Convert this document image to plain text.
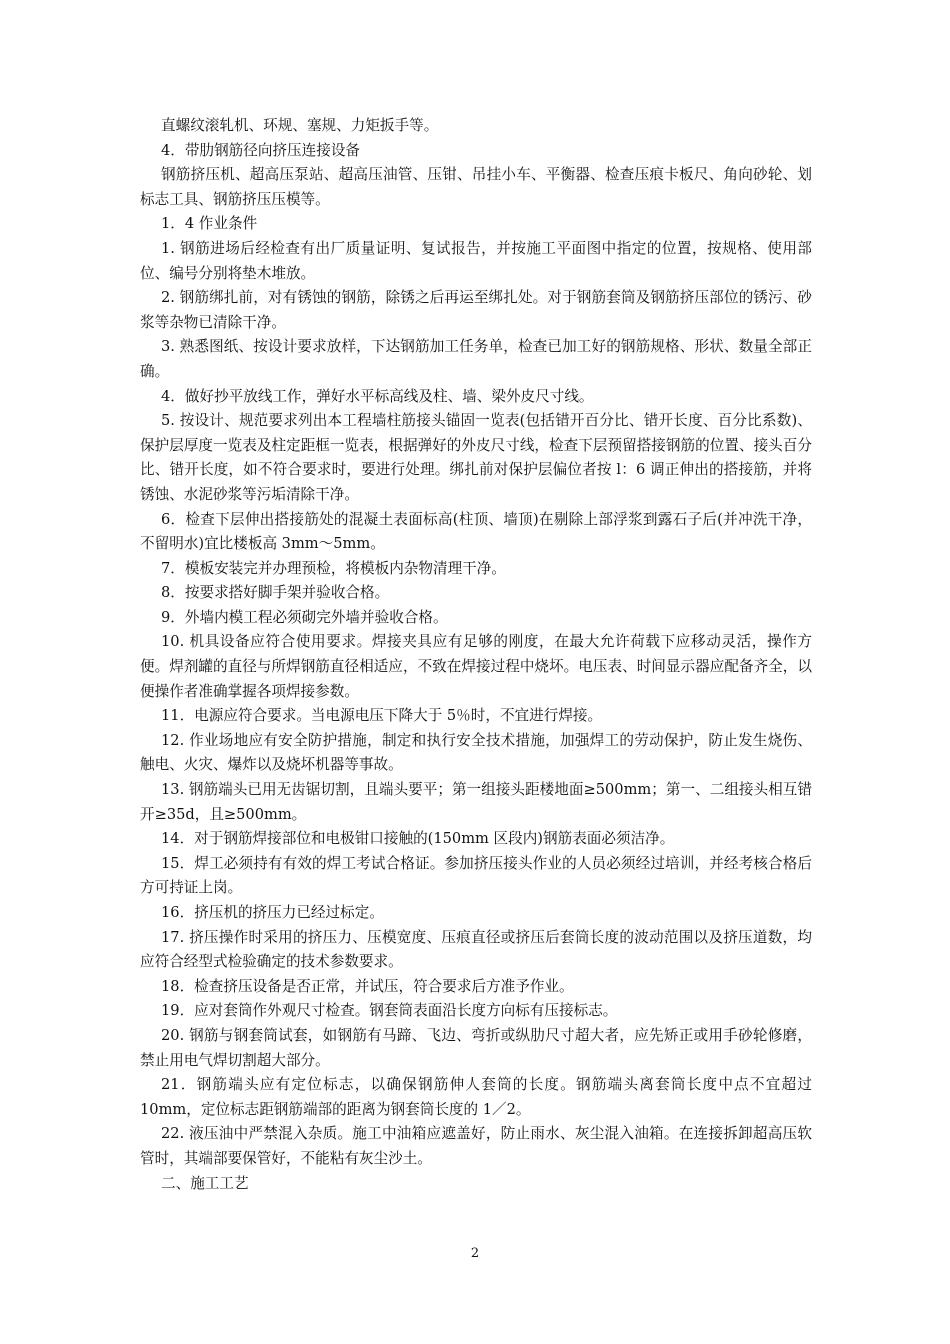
直螺纹滚轧机、环规、塞规、力矩扳手等。

4．带肋钢筋径向挤压连接设备

钢筋挤压机、超高压泵站、超高压油管、压钳、吊挂小车、平衡器、检查压痕卡板尺、角向砂轮、划标志工具、钢筋挤压压模等。

1．4 作业条件

1. 钢筋进场后经检查有出厂质量证明、复试报告，并按施工平面图中指定的位置，按规格、使用部位、编号分别将垫木堆放。

2. 钢筋绑扎前，对有锈蚀的钢筋，除锈之后再运至绑扎处。对于钢筋套筒及钢筋挤压部位的锈污、砂浆等杂物已清除干净。

3. 熟悉图纸、按设计要求放样，下达钢筋加工任务单，检查已加工好的钢筋规格、形状、数量全部正确。

4．做好抄平放线工作，弹好水平标高线及柱、墙、梁外皮尺寸线。

5. 按设计、规范要求列出本工程墙柱筋接头锚固一览表(包括错开百分比、错开长度、百分比系数)、保护层厚度一览表及柱定距框一览表，根据弹好的外皮尺寸线，检查下层预留搭接钢筋的位置、接头百分比、错开长度，如不符合要求时，要进行处理。绑扎前对保护层偏位者按 l：6 调正伸出的搭接筋，并将锈蚀、水泥砂浆等污垢清除干净。

6．检查下层伸出搭接筋处的混凝土表面标高(柱顶、墙顶)在剔除上部浮浆到露石子后(并冲洗干净，不留明水)宜比楼板高 3mm～5mm。

7．模板安装完并办理预检，将模板内杂物清理干净。

8．按要求搭好脚手架并验收合格。

9．外墙内模工程必须砌完外墙并验收合格。

10. 机具设备应符合使用要求。焊接夹具应有足够的刚度，在最大允许荷载下应移动灵活，操作方便。焊剂罐的直径与所焊钢筋直径相适应，不致在焊接过程中烧坏。电压表、时间显示器应配备齐全，以便操作者准确掌握各项焊接参数。

11．电源应符合要求。当电源电压下降大于 5％时，不宜进行焊接。

12. 作业场地应有安全防护措施，制定和执行安全技术措施，加强焊工的劳动保护，防止发生烧伤、触电、火灾、爆炸以及烧坏机器等事故。

13. 钢筋端头已用无齿锯切割，且端头要平；第一组接头距楼地面≥500mm；第一、二组接头相互错开≥35d，且≥500mm。

14．对于钢筋焊接部位和电极钳口接触的(150mm 区段内)钢筋表面必须洁净。

15．焊工必须持有有效的焊工考试合格证。参加挤压接头作业的人员必须经过培训，并经考核合格后方可持证上岗。

16．挤压机的挤压力已经过标定。

17. 挤压操作时采用的挤压力、压模宽度、压痕直径或挤压后套筒长度的波动范围以及挤压道数，均应符合经型式检验确定的技术参数要求。

18．检查挤压设备是否正常，并试压，符合要求后方准予作业。

19．应对套筒作外观尺寸检查。钢套筒表面沿长度方向标有压接标志。

20. 钢筋与钢套筒试套，如钢筋有马蹄、飞边、弯折或纵肋尺寸超大者，应先矫正或用手砂轮修磨，禁止用电气焊切割超大部分。

21．钢筋端头应有定位标志，以确保钢筋伸人套筒的长度。钢筋端头离套筒长度中点不宜超过 10mm，定位标志距钢筋端部的距离为钢套筒长度的 1／2。

22. 液压油中严禁混入杂质。施工中油箱应遮盖好，防止雨水、灰尘混入油箱。在连接拆卸超高压软管时，其端部要保管好，不能粘有灰尘沙土。

二、施工工艺

2
